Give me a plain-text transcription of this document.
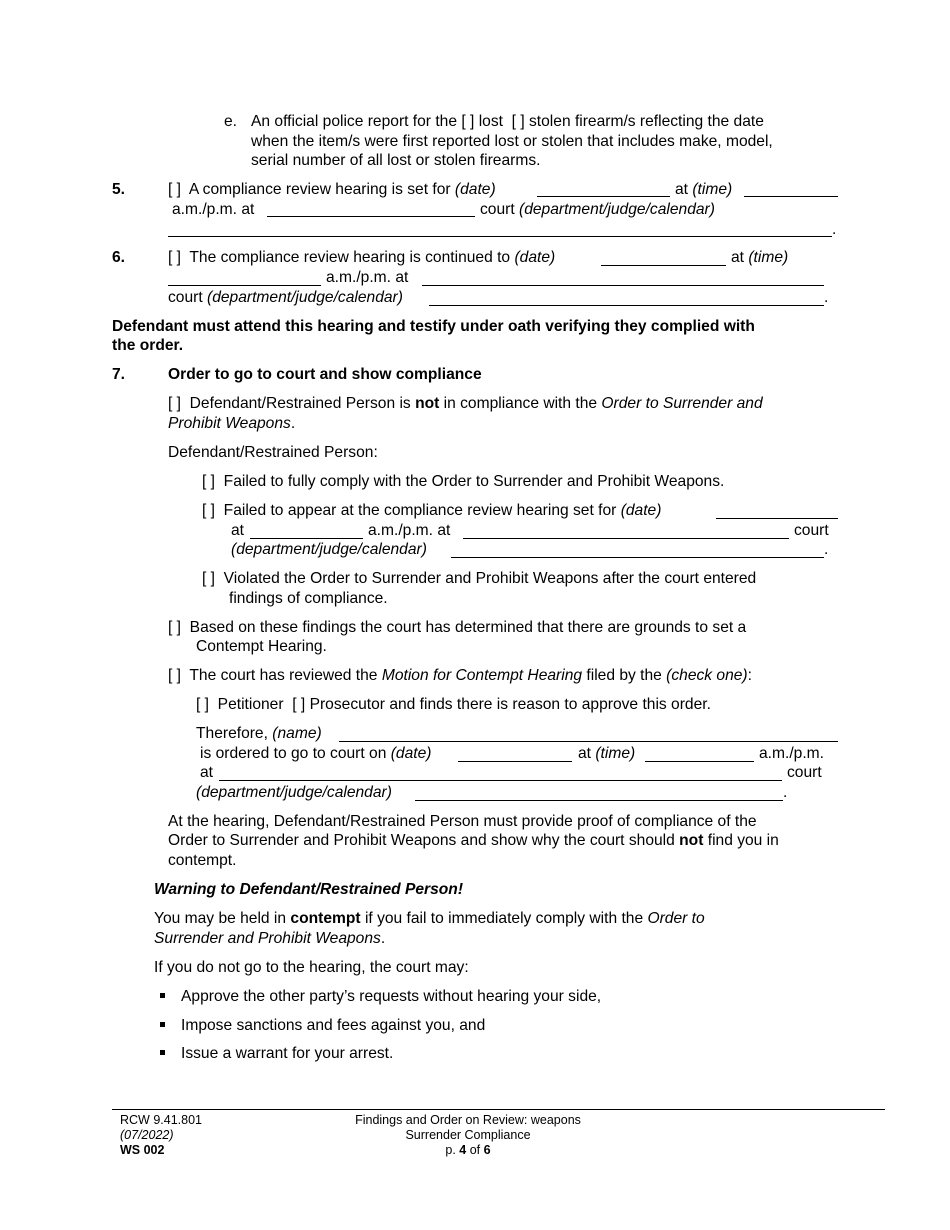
e. An official police report for the [ ] lost [ ] stolen firearm/s reflecting the date
when the item/s were first reported lost or stolen that includes make, model,
serial number of all lost or stolen firearms.
5.	[ ] A compliance review hearing is set for (date)	at (time)
a.m./p.m. at	court (department/judge/calendar)
.
6.	[ ] The compliance review hearing is continued to (date)	at (time)
a.m./p.m. at
court (department/judge/calendar)	.
Defendant must attend this hearing and testify under oath verifying they complied with
the order.
7.	Order to go to court and show compliance
[ ] Defendant/Restrained Person is not in compliance with the Order to Surrender and
Prohibit Weapons.
Defendant/Restrained Person:
[ ] Failed to fully comply with the Order to Surrender and Prohibit Weapons.
[ ] Failed to appear at the compliance review hearing set for (date)
at	a.m./p.m. at	court
(department/judge/calendar)	.
[ ] Violated the Order to Surrender and Prohibit Weapons after the court entered
findings of compliance.
[ ] Based on these findings the court has determined that there are grounds to set a
Contempt Hearing.
[ ] The court has reviewed the Motion for Contempt Hearing filed by the (check one):
[ ] Petitioner [ ] Prosecutor and finds there is reason to approve this order.
Therefore, (name)
is ordered to go to court on (date)	at (time)	a.m./p.m.
at	court
(department/judge/calendar)	.
At the hearing, Defendant/Restrained Person must provide proof of compliance of the
Order to Surrender and Prohibit Weapons and show why the court should not find you in
contempt.
Warning to Defendant/Restrained Person!
You may be held in contempt if you fail to immediately comply with the Order to
Surrender and Prohibit Weapons.
If you do not go to the hearing, the court may:
Approve the other party’s requests without hearing your side,
Impose sanctions and fees against you, and
Issue a warrant for your arrest.
RCW 9.41.801
(07/2022)
WS 002
Findings and Order on Review: weapons
Surrender Compliance
p. 4 of 6
